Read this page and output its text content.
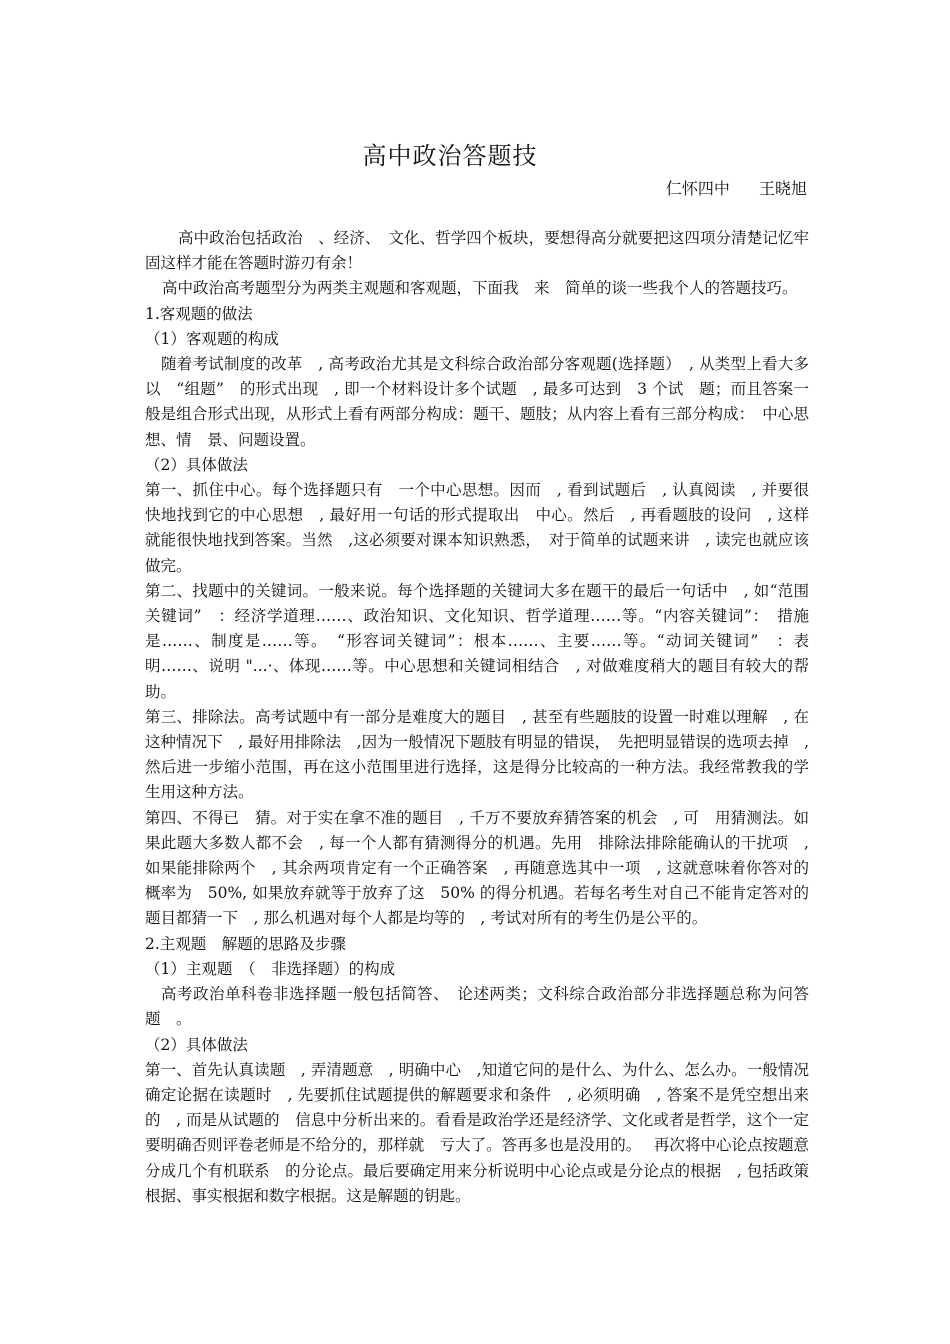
高中政治答题技
仁怀四中　 王晓旭

高中政治包括政治　、经济、　文化、哲学四个板块，要想得高分就要把这四项分清楚记忆牢固这样才能在答题时游刃有余！

高中政治高考题型分为两类主观题和客观题，下面我　来　简单的谈一些我个人的答题技巧。

1.客观题的做法

（1）客观题的构成

随着考试制度的改革　, 高考政治尤其是文科综合政治部分客观题(选择题）　, 从类型上看大多以　“组题”　的形式出现　, 即一个材料设计多个试题　, 最多可达到　3 个试　题；而且答案一般是组合形式出现，从形式上看有两部分构成：题干、题肢；从内容上看有三部分构成：　中心思想、情　景、问题设置。

（2）具体做法

第一、抓住中心。每个选择题只有　一个中心思想。因而　, 看到试题后　, 认真阅读　, 并要很快地找到它的中心思想　, 最好用一句话的形式提取出　中心。然后　, 再看题肢的设问　, 这样就能很快地找到答案。当然　,这必须要对课本知识熟悉，　对于简单的试题来讲　, 读完也就应该做完。

第二、找题中的关键词。一般来说。每个选择题的关键词大多在题干的最后一句话中　, 如“范围关键词”　：经济学道理……、政治知识、文化知识、哲学道理……等。“内容关键词”：　措施　是……、制度是……等。　“形容词关键词”：根本……、主要……等。“动词关键词”　：表明……、说明 "...·、体现……等。中心思想和关键词相结合　, 对做难度稍大的题目有较大的帮助。

第三、排除法。高考试题中有一部分是难度大的题目　, 甚至有些题肢的设置一时难以理解　, 在这种情况下　, 最好用排除法　,因为一般情况下题肢有明显的错误，　先把明显错误的选项去掉　, 然后进一步缩小范围，再在这小范围里进行选择，这是得分比较高的一种方法。我经常教我的学生用这种方法。

第四、不得已　猜。对于实在拿不准的题目　, 千万不要放弃猜答案的机会　, 可　用猜测法。如果此题大多数人都不会　, 每一个人都有猜测得分的机遇。先用　排除法排除能确认的干扰项　, 如果能排除两个　, 其余两项肯定有一个正确答案　, 再随意选其中一项　, 这就意味着你答对的概率为　50%, 如果放弃就等于放弃了这　50% 的得分机遇。若每名考生对自己不能肯定答对的题目都猜一下　, 那么机遇对每个人都是均等的　, 考试对所有的考生仍是公平的。

2.主观题　解题的思路及步骤

（1）主观题　（　非选择题）的构成

高考政治单科卷非选择题一般包括简答、　论述两类；文科综合政治部分非选择题总称为问答题　。

（2）具体做法

第一、首先认真读题　, 弄清题意　, 明确中心　,知道它问的是什么、为什么、怎么办。一般情况　确定论据在读题时　, 先要抓住试题提供的解题要求和条件　, 必须明确　, 答案不是凭空想出来的　, 而是从试题的　信息中分析出来的。看看是政治学还是经济学、文化或者是哲学，这个一定要明确否则评卷老师是不给分的，那样就　亏大了。答再多也是没用的。　 再次将中心论点按题意分成几个有机联系　的分论点。最后要确定用来分析说明中心论点或是分论点的根据　, 包括政策根据、事实根据和数字根据。这是解题的钥匙。
